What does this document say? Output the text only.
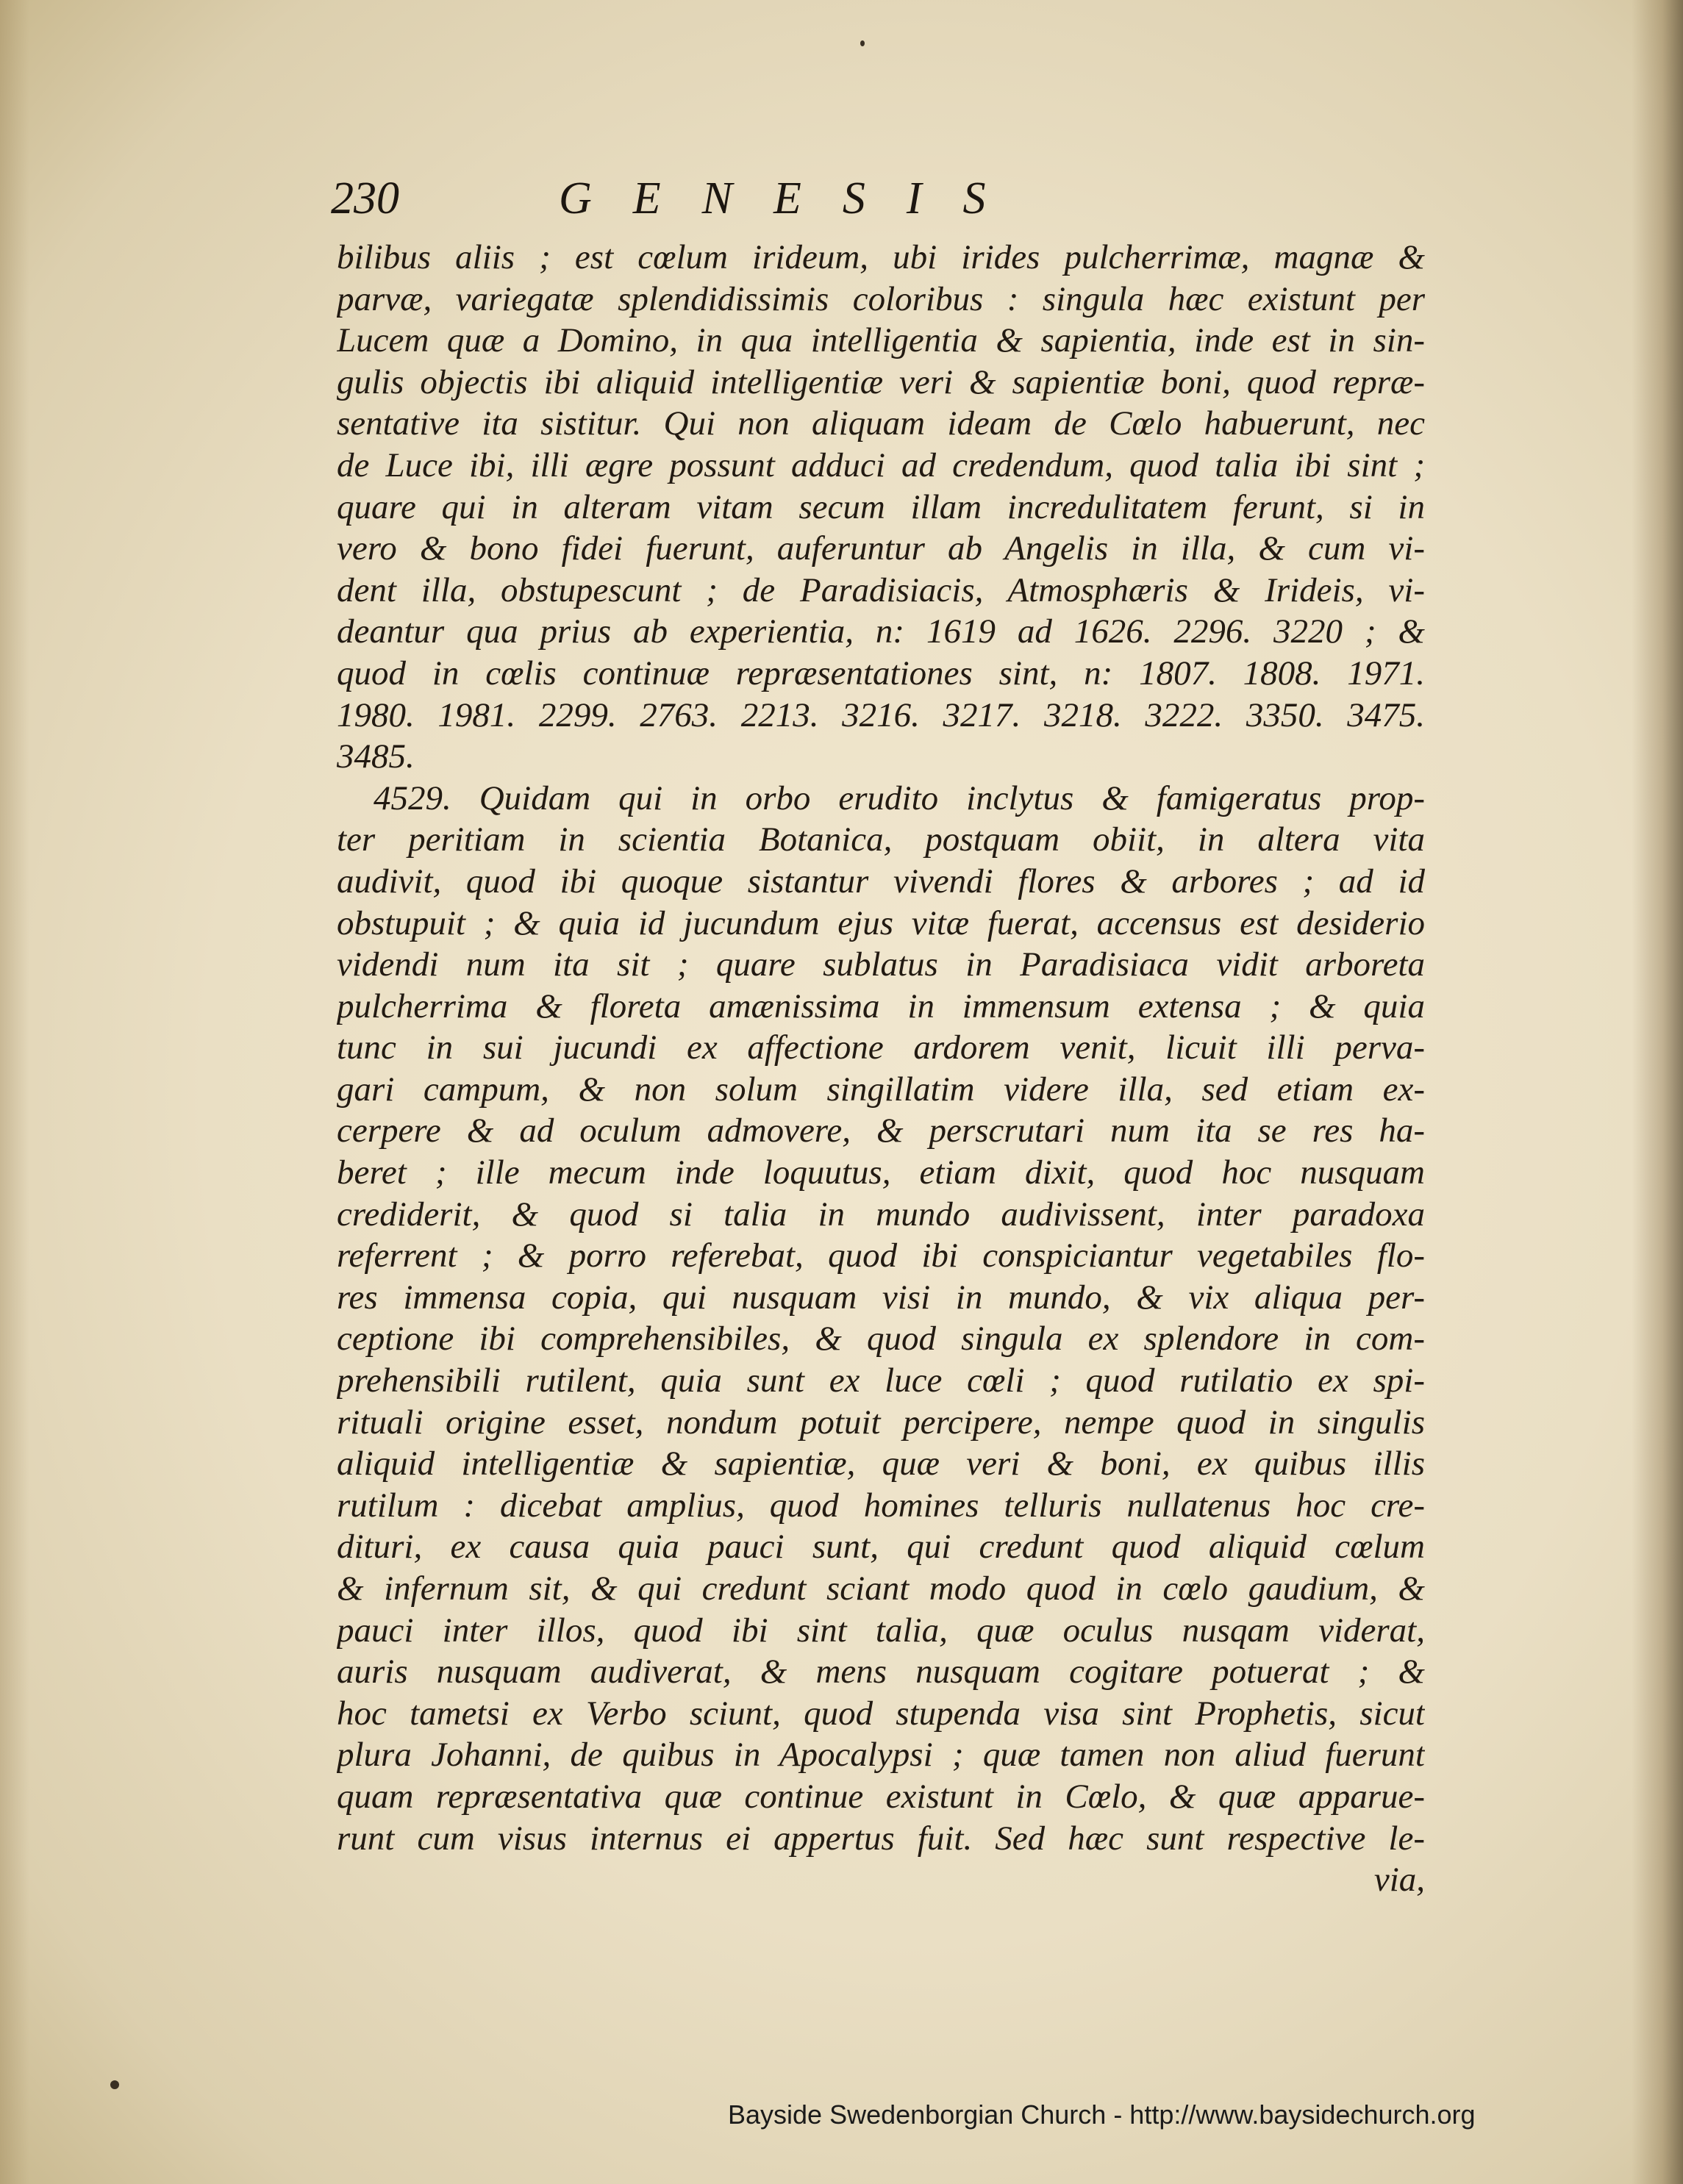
230	GENESIS
bilibus aliis ; est cœlum irideum, ubi irides pulcherrimæ, magnæ &
parvæ, variegatæ splendidissimis coloribus : singula hæc existunt per
Lucem quæ a Domino, in qua intelligentia & sapientia, inde est in sin-
gulis objectis ibi aliquid intelligentiæ veri & sapientiæ boni, quod repræ-
sentative ita sistitur. Qui non aliquam ideam de Cœlo habuerunt, nec
de Luce ibi, illi ægre possunt adduci ad credendum, quod talia ibi sint ;
quare qui in alteram vitam secum illam incredulitatem ferunt, si in
vero & bono fidei fuerunt, auferuntur ab Angelis in illa, & cum vi-
dent illa, obstupescunt ; de Paradisiacis, Atmosphæris & Irideis, vi-
deantur qua prius ab experientia, n: 1619 ad 1626. 2296. 3220 ; &
quod in cœlis continuæ repræsentationes sint, n: 1807. 1808. 1971.
1980. 1981. 2299. 2763. 2213. 3216. 3217. 3218. 3222. 3350. 3475.
3485.
4529. Quidam qui in orbo erudito inclytus & famigeratus prop-
ter peritiam in scientia Botanica, postquam obiit, in altera vita
audivit, quod ibi quoque sistantur vivendi flores & arbores ; ad id
obstupuit ; & quia id jucundum ejus vitæ fuerat, accensus est desiderio
videndi num ita sit ; quare sublatus in Paradisiaca vidit arboreta
pulcherrima & floreta amænissima in immensum extensa ; & quia
tunc in sui jucundi ex affectione ardorem venit, licuit illi perva-
gari campum, & non solum singillatim videre illa, sed etiam ex-
cerpere & ad oculum admovere, & perscrutari num ita se res ha-
beret ; ille mecum inde loquutus, etiam dixit, quod hoc nusquam
crediderit, & quod si talia in mundo audivissent, inter paradoxa
referrent ; & porro referebat, quod ibi conspiciantur vegetabiles flo-
res immensa copia, qui nusquam visi in mundo, & vix aliqua per-
ceptione ibi comprehensibiles, & quod singula ex splendore in com-
prehensibili rutilent, quia sunt ex luce cœli ; quod rutilatio ex spi-
rituali origine esset, nondum potuit percipere, nempe quod in singulis
aliquid intelligentiæ & sapientiæ, quæ veri & boni, ex quibus illis
rutilum : dicebat amplius, quod homines telluris nullatenus hoc cre-
dituri, ex causa quia pauci sunt, qui credunt quod aliquid cœlum
& infernum sit, & qui credunt sciant modo quod in cœlo gaudium, &
pauci inter illos, quod ibi sint talia, quæ oculus nusqam viderat,
auris nusquam audiverat, & mens nusquam cogitare potuerat ; &
hoc tametsi ex Verbo sciunt, quod stupenda visa sint Prophetis, sicut
plura Johanni, de quibus in Apocalypsi ; quæ tamen non aliud fuerunt
quam repræsentativa quæ continue existunt in Cœlo, & quæ apparue-
runt cum visus internus ei appertus fuit. Sed hæc sunt respective le-
via,
Bayside Swedenborgian Church - http://www.baysidechurch.org
